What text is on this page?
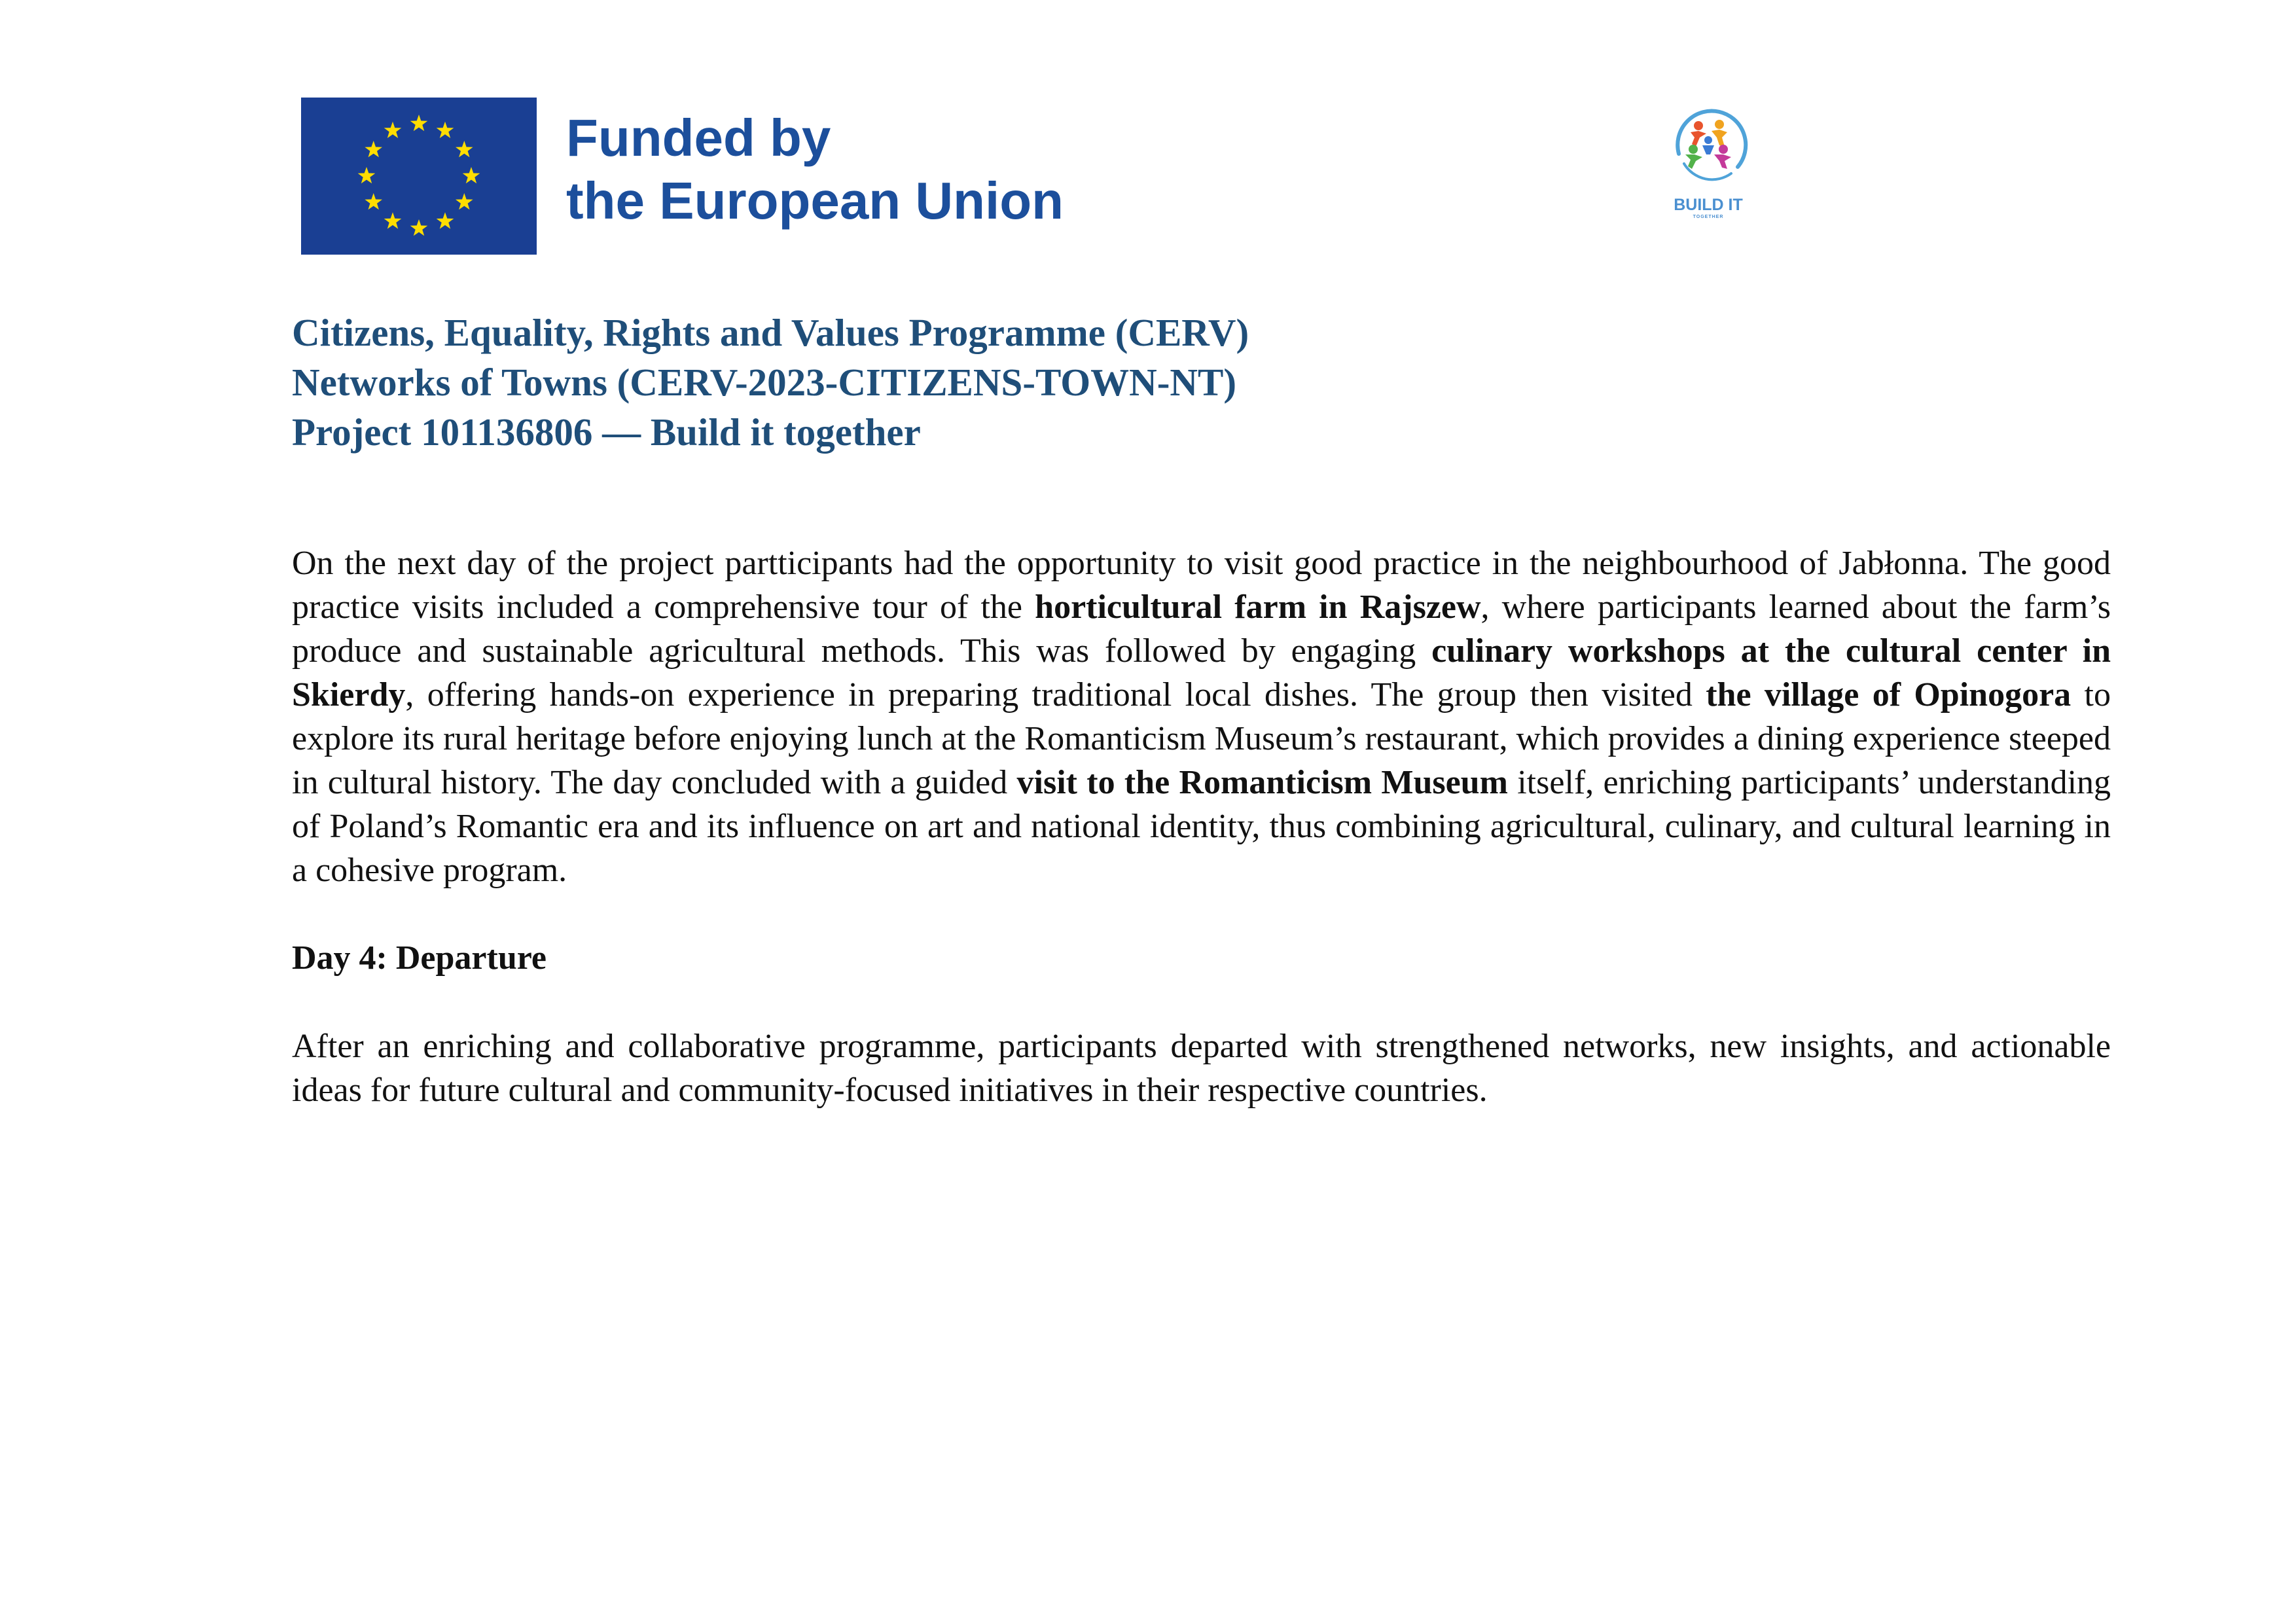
Funded by
the European Union	BUILD IT
TOGETHER
Citizens, Equality, Rights and Values Programme (CERV)
Networks of Towns (CERV-2023-CITIZENS-TOWN-NT)
Project 101136806 — Build it together

On the next day of the project partticipants had the opportunity to visit good practice in the neighbourhood of Jabłonna. The good practice visits included a comprehensive tour of the horticultural farm in Rajszew, where participants learned about the farm’s produce and sustainable agricultural methods. This was followed by engaging culinary workshops at the cultural center in Skierdy, offering hands-on experience in preparing traditional local dishes. The group then visited the village of Opinogora to explore its rural heritage before enjoying lunch at the Romanticism Museum’s restaurant, which provides a dining experience steeped in cultural history. The day concluded with a guided visit to the Romanticism Museum itself, enriching participants’ understanding of Poland’s Romantic era and its influence on art and national identity, thus combining agricultural, culinary, and cultural learning in a cohesive program.

Day 4: Departure

After an enriching and collaborative programme, participants departed with strengthened networks, new insights, and actionable ideas for future cultural and community-focused initiatives in their respective countries.
